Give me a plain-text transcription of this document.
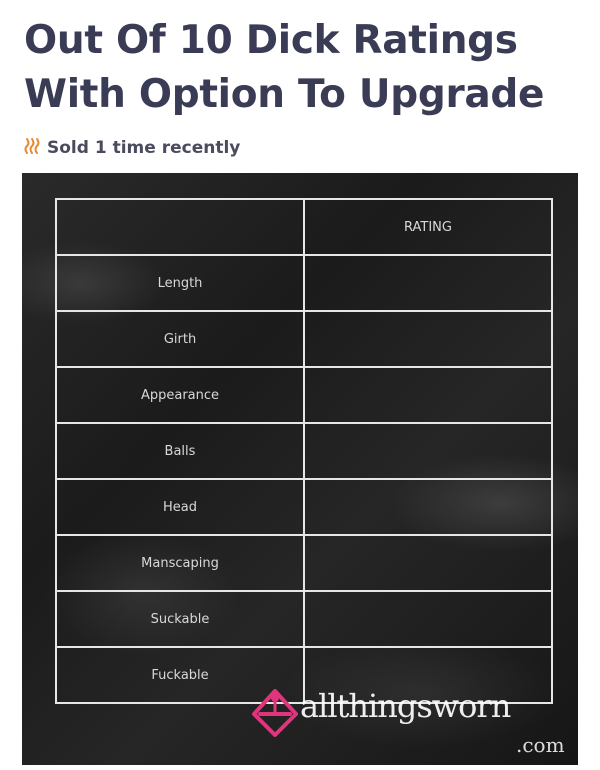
Out Of 10 Dick Ratings With Option To Upgrade
Sold 1 time recently
	RATING
Length	
Girth	
Appearance	
Balls	
Head	
Manscaping	
Suckable	
Fuckable	
allthingsworn
.com
